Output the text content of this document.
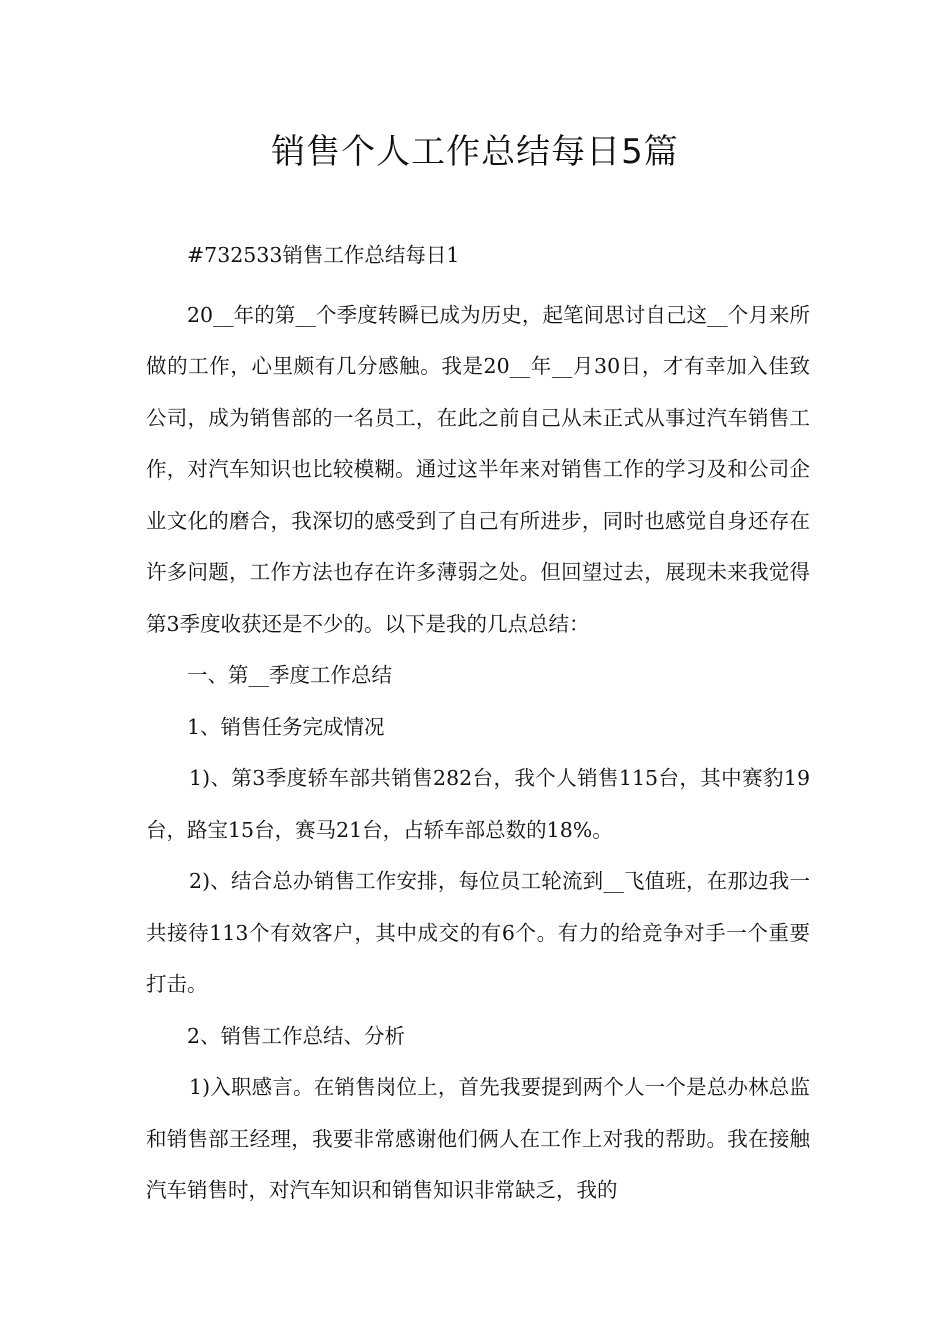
销售个人工作总结每日5篇

#732533销售工作总结每日1

20__年的第__个季度转瞬已成为历史，起笔间思讨自己这__个月来所做的工作，心里颇有几分感触。我是20__年__月30日，才有幸加入佳致公司，成为销售部的一名员工，在此之前自己从未正式从事过汽车销售工作，对汽车知识也比较模糊。通过这半年来对销售工作的学习及和公司企业文化的磨合，我深切的感受到了自己有所进步，同时也感觉自身还存在许多问题，工作方法也存在许多薄弱之处。但回望过去，展现未来我觉得第3季度收获还是不少的。以下是我的几点总结：

一、第__季度工作总结

1、销售任务完成情况

1)、第3季度轿车部共销售282台，我个人销售115台，其中赛豹19台，路宝15台，赛马21台，占轿车部总数的18%。

2)、结合总办销售工作安排，每位员工轮流到__飞值班，在那边我一共接待113个有效客户，其中成交的有6个。有力的给竞争对手一个重要打击。

2、销售工作总结、分析

1)入职感言。在销售岗位上，首先我要提到两个人一个是总办林总监和销售部王经理，我要非常感谢他们俩人在工作上对我的帮助。我在接触汽车销售时，对汽车知识和销售知识非常缺乏，我的
